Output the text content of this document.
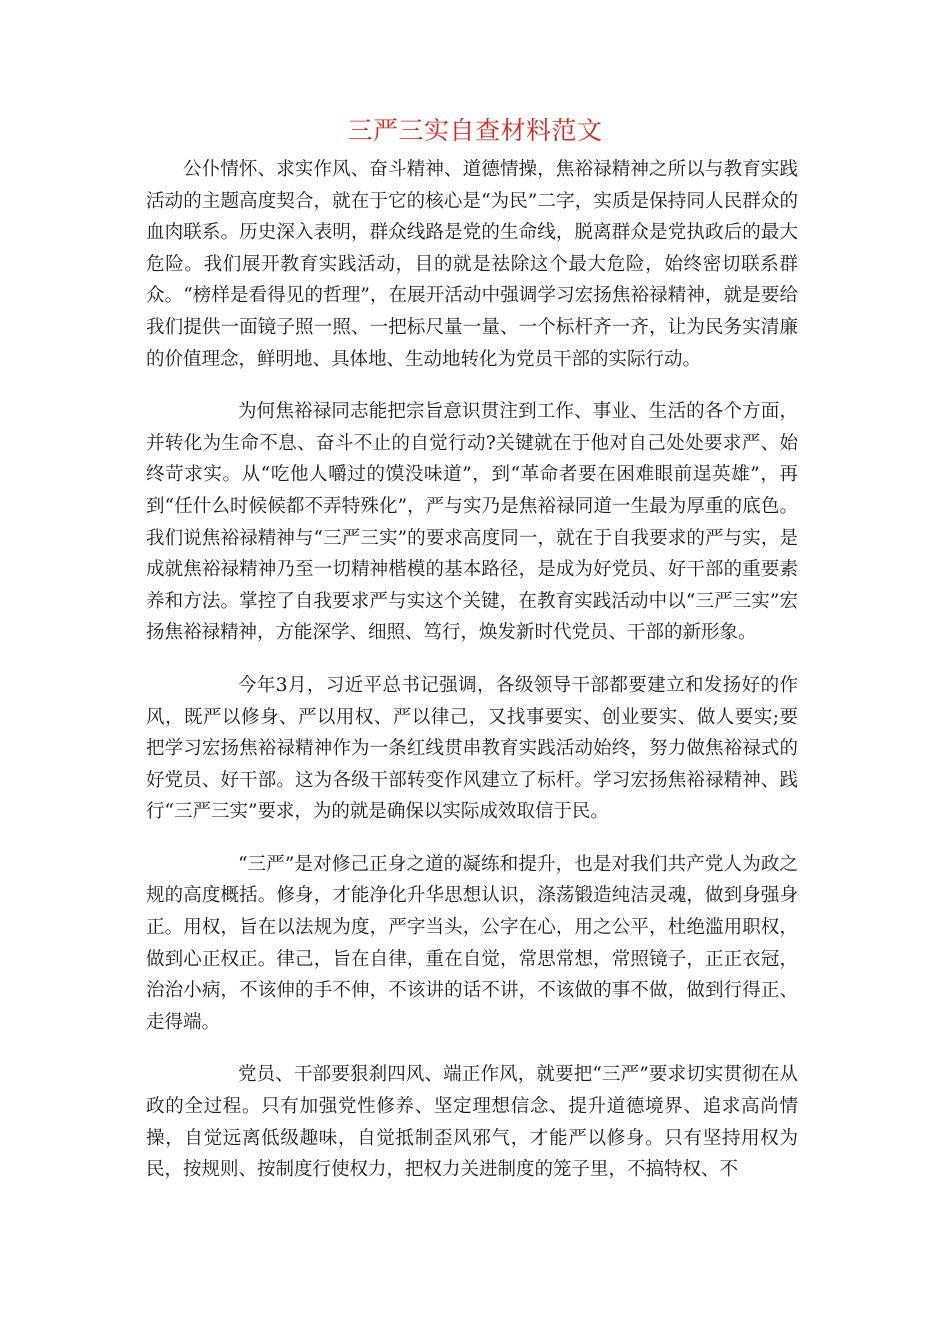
三严三实自查材料范文

公仆情怀、求实作风、奋斗精神、道德情操，焦裕禄精神之所以与教育实践活动的主题高度契合，就在于它的核心是“为民”二字，实质是保持同人民群众的血肉联系。历史深入表明，群众线路是党的生命线，脱离群众是党执政后的最大危险。我们展开教育实践活动，目的就是祛除这个最大危险，始终密切联系群众。“榜样是看得见的哲理”，在展开活动中强调学习宏扬焦裕禄精神，就是要给我们提供一面镜子照一照、一把标尺量一量、一个标杆齐一齐，让为民务实清廉的价值理念，鲜明地、具体地、生动地转化为党员干部的实际行动。

为何焦裕禄同志能把宗旨意识贯注到工作、事业、生活的各个方面，并转化为生命不息、奋斗不止的自觉行动?关键就在于他对自己处处要求严、始终苛求实。从“吃他人嚼过的馍没味道”，到“革命者要在困难眼前逞英雄”，再到“任什么时候候都不弄特殊化”，严与实乃是焦裕禄同道一生最为厚重的底色。我们说焦裕禄精神与“三严三实”的要求高度同一，就在于自我要求的严与实，是成就焦裕禄精神乃至一切精神楷模的基本路径，是成为好党员、好干部的重要素养和方法。掌控了自我要求严与实这个关键，在教育实践活动中以“三严三实”宏扬焦裕禄精神，方能深学、细照、笃行，焕发新时代党员、干部的新形象。

今年3月，习近平总书记强调，各级领导干部都要建立和发扬好的作风，既严以修身、严以用权、严以律己，又找事要实、创业要实、做人要实;要把学习宏扬焦裕禄精神作为一条红线贯串教育实践活动始终，努力做焦裕禄式的好党员、好干部。这为各级干部转变作风建立了标杆。学习宏扬焦裕禄精神、践行“三严三实”要求，为的就是确保以实际成效取信于民。

“三严”是对修己正身之道的凝练和提升，也是对我们共产党人为政之规的高度概括。修身，才能净化升华思想认识，涤荡锻造纯洁灵魂，做到身强身正。用权，旨在以法规为度，严字当头，公字在心，用之公平，杜绝滥用职权，做到心正权正。律己，旨在自律，重在自觉，常思常想，常照镜子，正正衣冠，治治小病，不该伸的手不伸，不该讲的话不讲，不该做的事不做，做到行得正、走得端。

党员、干部要狠刹四风、端正作风，就要把“三严”要求切实贯彻在从政的全过程。只有加强党性修养、坚定理想信念、提升道德境界、追求高尚情操，自觉远离低级趣味，自觉抵制歪风邪气，才能严以修身。只有坚持用权为民，按规则、按制度行使权力，把权力关进制度的笼子里，不搞特权、不
